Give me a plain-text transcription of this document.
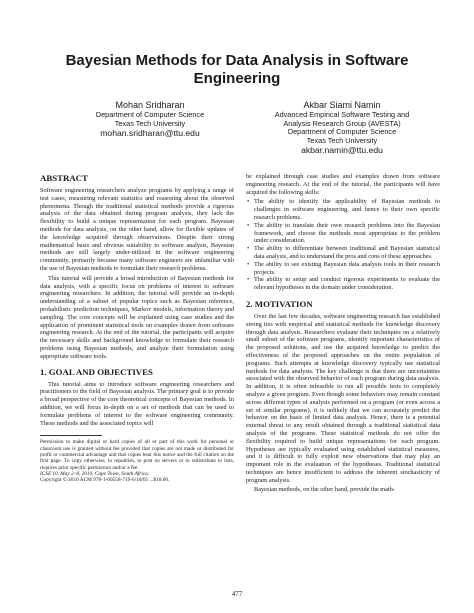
Bayesian Methods for Data Analysis in Software
Engineering
Mohan Sridharan
Department of Computer Science
Texas Tech University
mohan.sridharan@ttu.edu
Akbar Siami Namin
Advanced Empirical Software Testing and
Analysis Research Group (AVESTA)
Department of Computer Science
Texas Tech University
akbar.namin@ttu.edu
ABSTRACT

Software engineering researchers analyze programs by applying a range of test cases, measuring relevant statistics and reasoning about the observed phenomena. Though the traditional statistical methods provide a rigorous analysis of the data obtained during program analysis, they lack the flexibility to build a unique representation for each program. Bayesian methods for data analysis, on the other hand, allow for flexible updates of the knowledge acquired through observations. Despite their strong mathematical basis and obvious suitability to software analysis, Bayesian methods are still largely under-utilized in the software engineering community, primarily because many software engineers are unfamiliar with the use of Bayesian methods to formulate their research problems.

This tutorial will provide a broad introduction of Bayesian methods for data analysis, with a specific focus on problems of interest to software engineering researchers. In addition, the tutorial will provide an in-depth understanding of a subset of popular topics such as Bayesian inference, probabilistic prediction techniques, Markov models, information theory and sampling. The core concepts will be explained using case studies and the application of prominent statistical tools on examples drawn from software engineering research. At the end of the tutorial, the participants will acquire the necessary skills and background knowledge to formulate their research problems using Bayesian methods, and analyze their formulation using appropriate software tools.

1. GOAL AND OBJECTIVES

This tutorial aims to introduce software engineering researchers and practitioners to the field of Bayesian analysis. The primary goal is to provide a broad perspective of the core theoretical concepts of Bayesian methods. In addition, we will focus in-depth on a set of methods that can be used to formulate problems of interest to the software engineering community. These methods and the associated topics will

Permission to make digital or hard copies of all or part of this work for personal or classroom use is granted without fee provided that copies are not made or distributed for profit or commercial advantage and that copies bear this notice and the full citation on the first page. To copy otherwise, to republish, to post on servers or to redistribute to lists, requires prior specific permission and/or a fee.

ICSE'10, May 2–8, 2010, Cape Town, South Africa.

Copyright © 2010 ACM 978-1-60558-719-6/10/05 ...$10.00.

be explained through case studies and examples drawn from software engineering research. At the end of the tutorial, the participants will have acquired the following skills:

• The ability to identify the applicability of Bayesian methods to challenges in software engineering, and hence to their own specific research problems.
• The ability to translate their own research problems into the Bayesian framework, and choose the methods most appropriate to the problem under consideration.
• The ability to differentiate between traditional and Bayesian statistical data analysis, and to understand the pros and cons of these approaches.
• The ability to see existing Bayesian data analysis tools in their research projects.
• The ability to setup and conduct rigorous experiments to evaluate the relevant hypotheses in the domain under consideration.
2. MOTIVATION

Over the last few decades, software engineering research has established strong ties with empirical and statistical methods for knowledge discovery through data analysis. Researchers evaluate their techniques on a relatively small subset of the software programs, identify important characteristics of the proposed solutions, and use the acquired knowledge to predict the effectiveness of the proposed approaches on the entire population of programs. Such attempts at knowledge discovery typically use statistical methods for data analysis. The key challenge is that there are uncertainties associated with the observed behavior of each program during data analysis. In addition, it is often infeasible to run all possible tests to completely analyze a given program. Even though some behaviors may remain constant across different types of analysis performed on a program (or even across a set of similar programs), it is unlikely that we can accurately predict the behavior on the basis of limited data analysis. Hence, there is a potential external threat to any result obtained through a traditional statistical data analysis of the programs. These statistical methods do not offer the flexibility required to build unique representations for each program. Hypotheses are typically evaluated using established statistical measures, and it is difficult to fully exploit new observations that may play an important role in the evaluation of the hypotheses. Traditional statistical techniques are hence insufficient to address the inherent stochasticity of program analysis.

Bayesian methods, on the other hand, provide the math-

477
